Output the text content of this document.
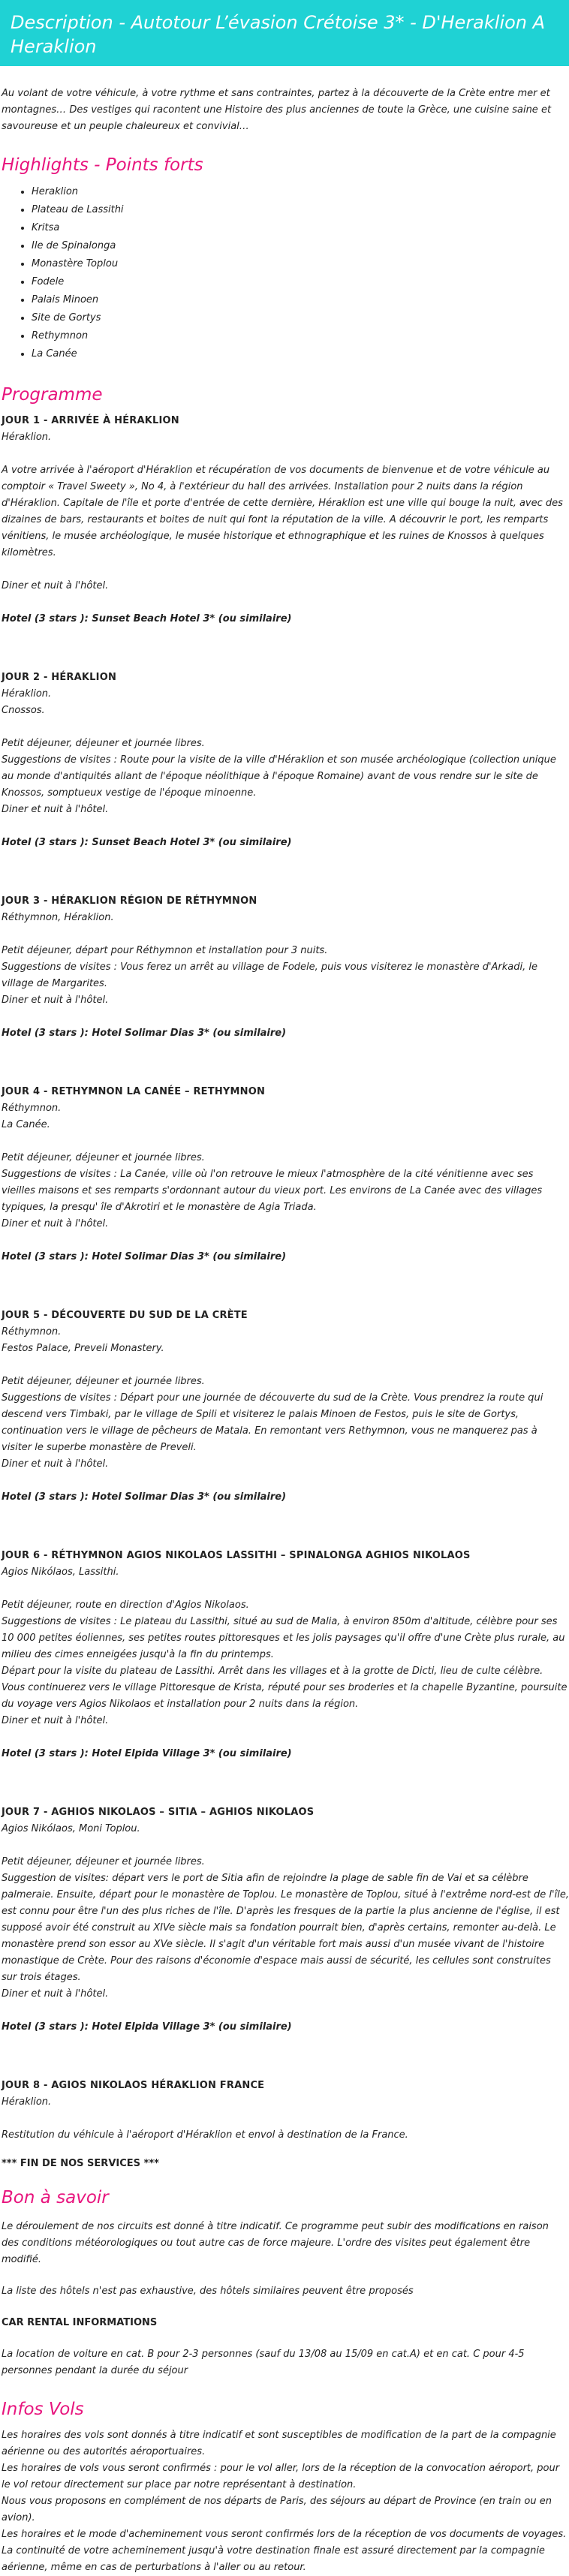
Description - Autotour L’évasion Crétoise 3* - D'Heraklion A Heraklion
Au volant de votre véhicule, à votre rythme et sans contraintes, partez à la découverte de la Crète entre mer et montagnes… Des vestiges qui racontent une Histoire des plus anciennes de toute la Grèce, une cuisine saine et savoureuse et un peuple chaleureux et convivial…
Highlights - Points forts
• Heraklion
• Plateau de Lassithi
• Kritsa
• Ile de Spinalonga
• Monastère Toplou
• Fodele
• Palais Minoen
• Site de Gortys
• Rethymnon
• La Canée
Programme
JOUR 1 - ARRIVÉE À HÉRAKLION
Héraklion.
A votre arrivée à l'aéroport d'Héraklion et récupération de vos documents de bienvenue et de votre véhicule au comptoir « Travel Sweety », No 4, à l'extérieur du hall des arrivées. Installation pour 2 nuits dans la région d'Héraklion. Capitale de l'île et porte d'entrée de cette dernière, Héraklion est une ville qui bouge la nuit, avec des dizaines de bars, restaurants et boites de nuit qui font la réputation de la ville. A découvrir le port, les remparts vénitiens, le musée archéologique, le musée historique et ethnographique et les ruines de Knossos à quelques kilomètres.
Diner et nuit à l'hôtel.
Hotel (3 stars ): Sunset Beach Hotel 3* (ou similaire)
JOUR 2 - HÉRAKLION
Héraklion.
Cnossos.
Petit déjeuner, déjeuner et journée libres.
Suggestions de visites : Route pour la visite de la ville d'Héraklion et son musée archéologique (collection unique au monde d'antiquités allant de l'époque néolithique à l'époque Romaine) avant de vous rendre sur le site de Knossos, somptueux vestige de l'époque minoenne.
Diner et nuit à l'hôtel.
Hotel (3 stars ): Sunset Beach Hotel 3* (ou similaire)
JOUR 3 - HÉRAKLION RÉGION DE RÉTHYMNON
Réthymnon, Héraklion.
Petit déjeuner, départ pour Réthymnon et installation pour 3 nuits.
Suggestions de visites : Vous ferez un arrêt au village de Fodele, puis vous visiterez le monastère d'Arkadi, le village de Margarites.
Diner et nuit à l'hôtel.
Hotel (3 stars ): Hotel Solimar Dias 3* (ou similaire)
JOUR 4 - RETHYMNON LA CANÉE – RETHYMNON
Réthymnon.
La Canée.
Petit déjeuner, déjeuner et journée libres.
Suggestions de visites : La Canée, ville où l'on retrouve le mieux l'atmosphère de la cité vénitienne avec ses vieilles maisons et ses remparts s'ordonnant autour du vieux port. Les environs de La Canée avec des villages typiques, la presqu' île d'Akrotiri et le monastère de Agia Triada.
Diner et nuit à l'hôtel.
Hotel (3 stars ): Hotel Solimar Dias 3* (ou similaire)
JOUR 5 - DÉCOUVERTE DU SUD DE LA CRÈTE
Réthymnon.
Festos Palace, Preveli Monastery.
Petit déjeuner, déjeuner et journée libres.
Suggestions de visites : Départ pour une journée de découverte du sud de la Crète. Vous prendrez la route qui descend vers Timbaki, par le village de Spili et visiterez le palais Minoen de Festos, puis le site de Gortys, continuation vers le village de pêcheurs de Matala. En remontant vers Rethymnon, vous ne manquerez pas à visiter le superbe monastère de Preveli.
Diner et nuit à l'hôtel.
Hotel (3 stars ): Hotel Solimar Dias 3* (ou similaire)
JOUR 6 - RÉTHYMNON AGIOS NIKOLAOS LASSITHI – SPINALONGA AGHIOS NIKOLAOS
Agios Nikólaos, Lassithi.
Petit déjeuner, route en direction d'Agios Nikolaos.
Suggestions de visites : Le plateau du Lassithi, situé au sud de Malia, à environ 850m d'altitude, célèbre pour ses 10 000 petites éoliennes, ses petites routes pittoresques et les jolis paysages qu'il offre d'une Crète plus rurale, au milieu des cimes enneigées jusqu'à la fin du printemps.
Départ pour la visite du plateau de Lassithi. Arrêt dans les villages et à la grotte de Dicti, lieu de culte célèbre. Vous continuerez vers le village Pittoresque de Krista, réputé pour ses broderies et la chapelle Byzantine, poursuite du voyage vers Agios Nikolaos et installation pour 2 nuits dans la région.
Diner et nuit à l'hôtel.
Hotel (3 stars ): Hotel Elpida Village 3* (ou similaire)
JOUR 7 - AGHIOS NIKOLAOS – SITIA – AGHIOS NIKOLAOS
Agios Nikólaos, Moni Toplou.
Petit déjeuner, déjeuner et journée libres.
Suggestion de visites: départ vers le port de Sitia afin de rejoindre la plage de sable fin de Vai et sa célèbre palmeraie. Ensuite, départ pour le monastère de Toplou. Le monastère de Toplou, situé à l'extrême nord-est de l'île, est connu pour être l'un des plus riches de l'île. D'après les fresques de la partie la plus ancienne de l'église, il est supposé avoir été construit au XIVe siècle mais sa fondation pourrait bien, d'après certains, remonter au-delà. Le monastère prend son essor au XVe siècle. Il s'agit d'un véritable fort mais aussi d'un musée vivant de l'histoire monastique de Crète. Pour des raisons d'économie d'espace mais aussi de sécurité, les cellules sont construites sur trois étages.
Diner et nuit à l'hôtel.
Hotel (3 stars ): Hotel Elpida Village 3* (ou similaire)
JOUR 8 - AGIOS NIKOLAOS HÉRAKLION FRANCE
Héraklion.
Restitution du véhicule à l'aéroport d'Héraklion et envol à destination de la France.
*** FIN DE NOS SERVICES ***
Bon à savoir
Le déroulement de nos circuits est donné à titre indicatif. Ce programme peut subir des modifications en raison des conditions météorologiques ou tout autre cas de force majeure. L'ordre des visites peut également être modifié.
La liste des hôtels n'est pas exhaustive, des hôtels similaires peuvent être proposés
CAR RENTAL INFORMATIONS
La location de voiture en cat. B pour 2-3 personnes (sauf du 13/08 au 15/09 en cat.A) et en cat. C pour 4-5 personnes pendant la durée du séjour
Infos Vols
Les horaires des vols sont donnés à titre indicatif et sont susceptibles de modification de la part de la compagnie aérienne ou des autorités aéroportuaires.
Les horaires de vols vous seront confirmés : pour le vol aller, lors de la réception de la convocation aéroport, pour le vol retour directement sur place par notre représentant à destination.
Nous vous proposons en complément de nos départs de Paris, des séjours au départ de Province (en train ou en avion).
Les horaires et le mode d'acheminement vous seront confirmés lors de la réception de vos documents de voyages.
La continuité de votre acheminement jusqu'à votre destination finale est assuré directement par la compagnie aérienne, même en cas de perturbations à l'aller ou au retour.
